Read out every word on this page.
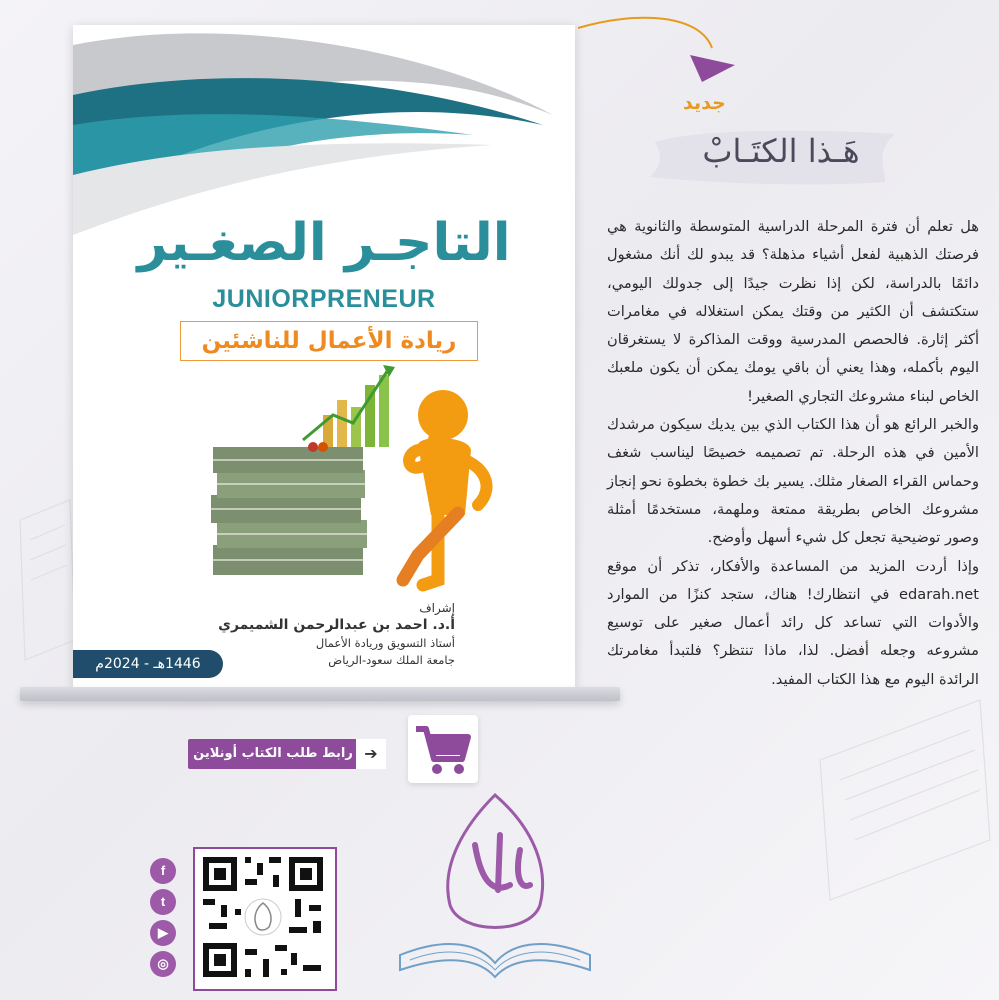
التاجـر الصغـير
JUNIORPRENEUR
ريادة الأعمال للناشئين
إشراف
أ.د. احمد بن عبدالرحمن الشميمري
أستاذ التسويق وريادة الأعمال
جامعة الملك سعود-الرياض
1446هـ - 2024م
جديد
هَـذا الكتَـابْ

هل تعلم أن فترة المرحلة الدراسية المتوسطة والثانوية هي فرصتك الذهبية لفعل أشياء مذهلة؟ قد يبدو لك أنك مشغول دائمًا بالدراسة، لكن إذا نظرت جيدًا إلى جدولك اليومي، ستكتشف أن الكثير من وقتك يمكن استغلاله في مغامرات أكثر إثارة. فالحصص المدرسية ووقت المذاكرة لا يستغرقان اليوم بأكمله، وهذا يعني أن باقي يومك يمكن أن يكون ملعبك الخاص لبناء مشروعك التجاري الصغير!

والخبر الرائع هو أن هذا الكتاب الذي بين يديك سيكون مرشدك الأمين في هذه الرحلة. تم تصميمه خصيصًا ليناسب شغف وحماس القراء الصغار مثلك. يسير بك خطوة بخطوة نحو إنجاز مشروعك الخاص بطريقة ممتعة وملهمة، مستخدمًا أمثلة وصور توضيحية تجعل كل شيء أسهل وأوضح.

وإذا أردت المزيد من المساعدة والأفكار، تذكر أن موقع edarah.net في انتظارك! هناك، ستجد كنزًا من الموارد والأدوات التي تساعد كل رائد أعمال صغير على توسيع مشروعه وجعله أفضل. لذا، ماذا تنتظر؟ فلتبدأ مغامرتك الرائدة اليوم مع هذا الكتاب المفيد.

رابط طلب الكتاب أونلاين ➔
f
t
▶
◎
